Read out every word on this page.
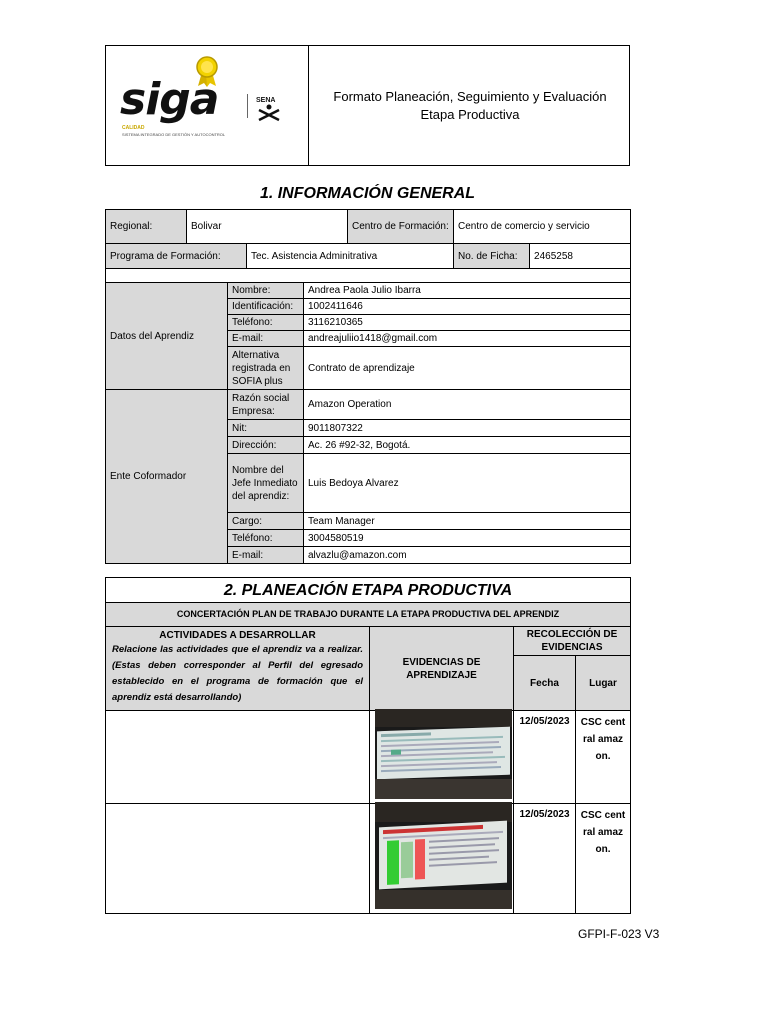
siga
CALIDAD
SISTEMA INTEGRADO DE GESTIÓN Y AUTOCONTROL
SENA	Formato Planeación, Seguimiento y Evaluación
Etapa Productiva
1. INFORMACIÓN GENERAL
Regional:	Bolivar		Centro de Formación:	Centro de comercio y servicio	
Programa de Formación:		Tec. Asistencia Adminitrativa		No. de Ficha:	2465258

Datos del Aprendiz	Nombre:	Andrea Paola Julio Ibarra
	Identificación:	1002411646
	Teléfono:	3116210365
	E-mail:	andreajuliio1418@gmail.com
	Alternativa registrada en SOFIA plus	Contrato de aprendizaje
Ente Coformador	Razón social Empresa:	Amazon Operation
	Nit:	9011807322
	Dirección:	Ac. 26 #92-32, Bogotá.
	Nombre del Jefe Inmediato del aprendiz:	Luis Bedoya Alvarez
	Cargo:	Team Manager
	Teléfono:	3004580519
	E-mail:	alvazlu@amazon.com
2. PLANEACIÓN ETAPA PRODUCTIVA			
CONCERTACIÓN PLAN DE TRABAJO DURANTE LA ETAPA PRODUCTIVA DEL APRENDIZ			

ACTIVIDADES A DESARROLLAR
Relacione las actividades que el aprendiz va a realizar. (Estas deben corresponder al Perfil del egresado establecido en el programa de formación que el aprendiz está desarrollando)	EVIDENCIAS DE APRENDIZAJE	RECOLECCIÓN DE EVIDENCIAS	
		Fecha	Lugar
		12/05/2023	CSC central amazon.
		12/05/2023	CSC central amazon.
GFPI-F-023 V3
